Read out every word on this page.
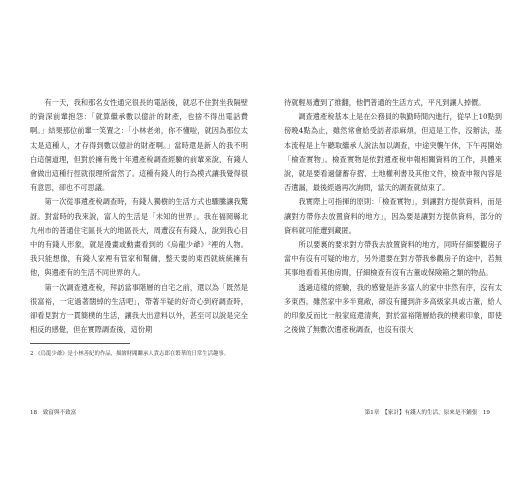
　　有一天，我和那名女性通完很長的電話後，就忍不住對坐我隔壁的資深前輩抱怨：「就算繼承數以億計的財產，也捨不得出電話費啊。」結果那位前輩一笑置之：「小林老弟，你不懂啦，就因為那位太太是這種人，才存得到數以億計的財產啊。」當時還是新人的我不明白這個道理，但對於擁有幾十年遺產稅調查經驗的前輩來說，有錢人會做出這種行徑就很理所當然了。這種有錢人的行為模式讓我覺得很有意思，卻也不可思議。

　　第一次從事遺產稅調查時，有錢人獨樹的生活方式也驟騰讓我驚訝。對當時的我來說，富人的生活是「未知的世界」。我在福岡縣北九州市的普通住宅區長大的地區長大，周遭沒有有錢人，說到我心目中的有錢人形象，就是漫畫或動畫看到的《烏龍少爺》²裡的人物。我只能想像，有錢人家裡有管家和幫傭，整天要的東西就統統擁有他，與遺產有的生活不同世界的人。

　　第一次調查遺產稅，拜訪當事階層的自宅之前，還以為「既然是很富裕，一定過著闊綽的生活吧」，帶著半疑的好奇心到府調查時，卻看見對方一貫簡樸的生活，讓我大出意料以外，甚至可以說是完全相反的感覺，但在實際調查後，這份期

2 《烏龍少爺》是小林善紀的作品，描繪財閥繼承人貴志郎在繁華的日常生活趣事。

待就輕易遭到了推翻，他們普通的生活方式，平凡到讓人掉價。

　　調查遺產稅基本上是在公務員的執勤時間內進行，從早上10點到傍晚4點為止，雖然常會給受訪者添麻煩，但這是工作，沒辦法，基本流程是上午聽取繼承人說法加以調查，中途突襲午休，下午再開始「檢查實物」。檢查實物是依對遺產稅申報相關資料的工作，具體來說，就是要看過儲蓄存摺、土地權利書及其他文件，檢查申報內容是否遺漏，最後經過再次詢問，當天的調查就結束了。

　　我實際上可指揮的原則：「檢查實物」，到讓對方提供資料，而是讓對方帶你去放置資料的地方」，因為要是讓對方提供資料，部分的資料就可能遭到藏匿。

　　所以要裏的要求對方帶我去放置資料的地方，同時仔細要觀房子當中有沒有可疑的地方，另外還要在對方帶我參觀房子的途中，若無其事地看看其他房間，仔細檢查有沒有古董或保險箱之類的物品。

　　透過這樣的經驗，我的感覺是許多富人的家中非然有序，沒有太多東西。雖然家中多半寬敞，卻沒有擺到許多高級家具或古董，給人的印象反而比一般家庭還清爽，對於富裕階層給我的樸素印象，即使之後做了無數次遺產稅調查，也沒有很大

18　致富與不致富	第1章　【家計】有錢人的生活，原來是不鋪張　19
